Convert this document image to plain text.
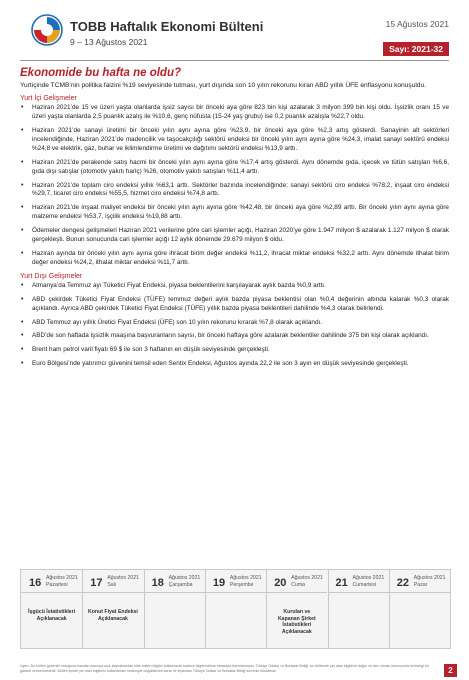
TOBB Haftalık Ekonomi Bülteni
9 – 13 Ağustos 2021
15 Ağustos 2021
Sayı: 2021-32
Ekonomide bu hafta ne oldu?

Yurtiçinde TCMB’nin politika faizini %19 seviyesinde tutması, yurt dışında son 10 yılın rekorunu kıran ABD yıllık ÜFE enflasyonu konuşuldu.

Yurt İçi Gelişmeler
• Haziran 2021’de 15 ve üzeri yaşta olanlarda işsiz sayısı bir önceki aya göre 823 bin kişi azalarak 3 milyon 399 bin kişi oldu. İşsizlik oranı 15 ve üzeri yaşta olanlarda 2,5 puanlık azalış ile %10,6, genç nüfusta (15-24 yaş grubu) ise 0,2 puanlık azalışla %22,7 oldu.
• Haziran 2021’de sanayi üretimi bir önceki yılın aynı ayına göre %23,9, bir önceki aya göre %2,3 artış gösterdi. Sanayinin alt sektörleri incelendiğinde, Haziran 2021’de madencilik ve taşocakçılığı sektörü endeksi bir önceki yılın aynı ayına göre %24,3, imalat sanayi sektörü endeksi %24,8 ve elektrik, gaz, buhar ve iklimlendirme üretimi ve dağıtımı sektörü endeksi %13,9 arttı.
• Haziran 2021’de perakende satış hacmi bir önceki yılın aynı ayına göre %17,4 artış gösterdi. Aynı dönemde gıda, içecek ve tütün satışları %6,6, gıda dışı satışlar (otomotiv yakıtı hariç) %26, otomotiv yakıtı satışları %11,4 arttı.
• Haziran 2021’de toplam ciro endeksi yıllık %63,1 arttı. Sektörler bazında incelendiğinde; sanayi sektörü ciro endeksi %78,2, inşaat ciro endeksi %29,7, ticaret ciro endeksi %55,5, hizmet ciro endeksi %74,8 arttı.
• Haziran 2021’de inşaat maliyet endeksi bir önceki yılın aynı ayına göre %42,48, bir önceki aya göre %2,89 arttı. Bir önceki yılın aynı ayına göre malzeme endeksi %53,7, işçilik endeksi %19,88 arttı.
• Ödemeler dengesi gelişmeleri Haziran 2021 verilerine göre cari işlemler açığı, Haziran 2020’ye göre 1.947 milyon $ azalarak 1.127 milyon $ olarak gerçekleşti. Bunun sonucunda cari işlemler açığı 12 aylık dönemde 29.679 milyon $ oldu.
• Haziran ayında bir önceki yılın aynı ayına göre ihracat birim değer endeksi %11,2, ihracat miktar endeksi %32,2 arttı. Aynı dönemde ithalat birim değer endeksi %24,2, ithalat miktar endeksi %11,7 arttı.
Yurt Dışı Gelişmeler
• Almanya’da Temmuz ayı Tüketici Fiyat Endeksi, piyasa beklentilerini karşılayarak aylık bazda %0,9 arttı.
• ABD çekirdek Tüketici Fiyat Endeksi (TÜFE) temmuz değeri aylık bazda piyasa beklentisi olan %0,4 değerinin altında kalarak %0,3 olarak açıklandı. Ayrıca ABD çekirdek Tüketici Fiyat Endeksi (TÜFE) yıllık bazda piyasa beklentileri dahilinde %4,3 olarak belirlendi.
• ABD Temmuz ayı yıllık Üretici Fiyat Endeksi (ÜFE) son 10 yılın rekorunu kırarak %7,8 olarak açıklandı.
• ABD’de son haftada işsizlik maaşına başvuranların sayısı, bir önceki haftaya göre azalarak beklentiler dahilinde 375 bin kişi olarak açıklandı.
• Brent ham petrol varil fiyatı 69 $ ile son 3 haftanın en düşük seviyesinde gerçekleşti.
• Euro Bölgesi’nde yatırımcı güvenini temsil eden Sentix Endeksi, Ağustos ayında 22,2 ile son 3 ayın en düşük seviyesinde gerçekleşti.
16 Ağustos 2021
Pazartesi
İşgücü İstatistikleri Açıklanacak
17 Ağustos 2021
Salı
Konut Fiyat Endeksi Açıklanacak
18 Ağustos 2021
Çarşamba 19 Ağustos 2021
Perşembe 20 Ağustos 2021
Cuma
Kurulan ve Kapanan Şirket İstatistikleri Açıklanacak
21 Ağustos 2021
Cumartesi 22 Ağustos 2021
Pazar
Uyarı: Bu bülten güvenilir olduğuna inanılan kamuya açık kaynaklardan elde edilen bilgiler kullanılarak sadece bilgilendirme amacıyla hazırlanmıştır. Türkiye Odalar ve Borsalar Birliği, bu bültende yer alan bilgilerin doğru ve tam olması konusunda herhangi bir garanti vermemektedir. Bülten içinde yer alan bilgilerin kullanılması nedeniyle doğabilecek zarar ve ziyandan Türkiye Odalar ve Borsalar Birliği sorumlu tutulamaz.	2
